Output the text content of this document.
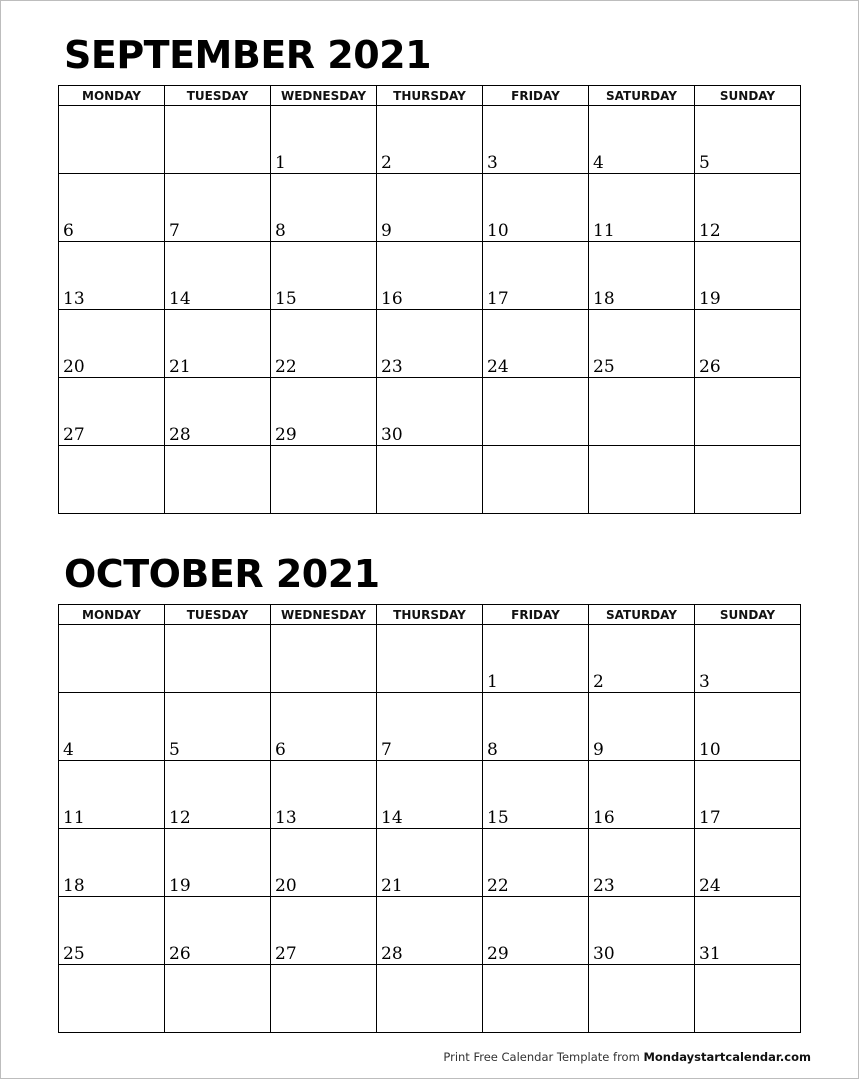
SEPTEMBER 2021
MONDAY	TUESDAY	WEDNESDAY	THURSDAY	FRIDAY	SATURDAY	SUNDAY

		1	2	3	4	5

6	7	8	9	10	11	12

13	14	15	16	17	18	19

20	21	22	23	24	25	26

27	28	29	30			

OCTOBER 2021
MONDAY	TUESDAY	WEDNESDAY	THURSDAY	FRIDAY	SATURDAY	SUNDAY

				1	2	3

4	5	6	7	8	9	10

11	12	13	14	15	16	17

18	19	20	21	22	23	24

25	26	27	28	29	30	31

Print Free Calendar Template from Mondaystartcalendar.com
